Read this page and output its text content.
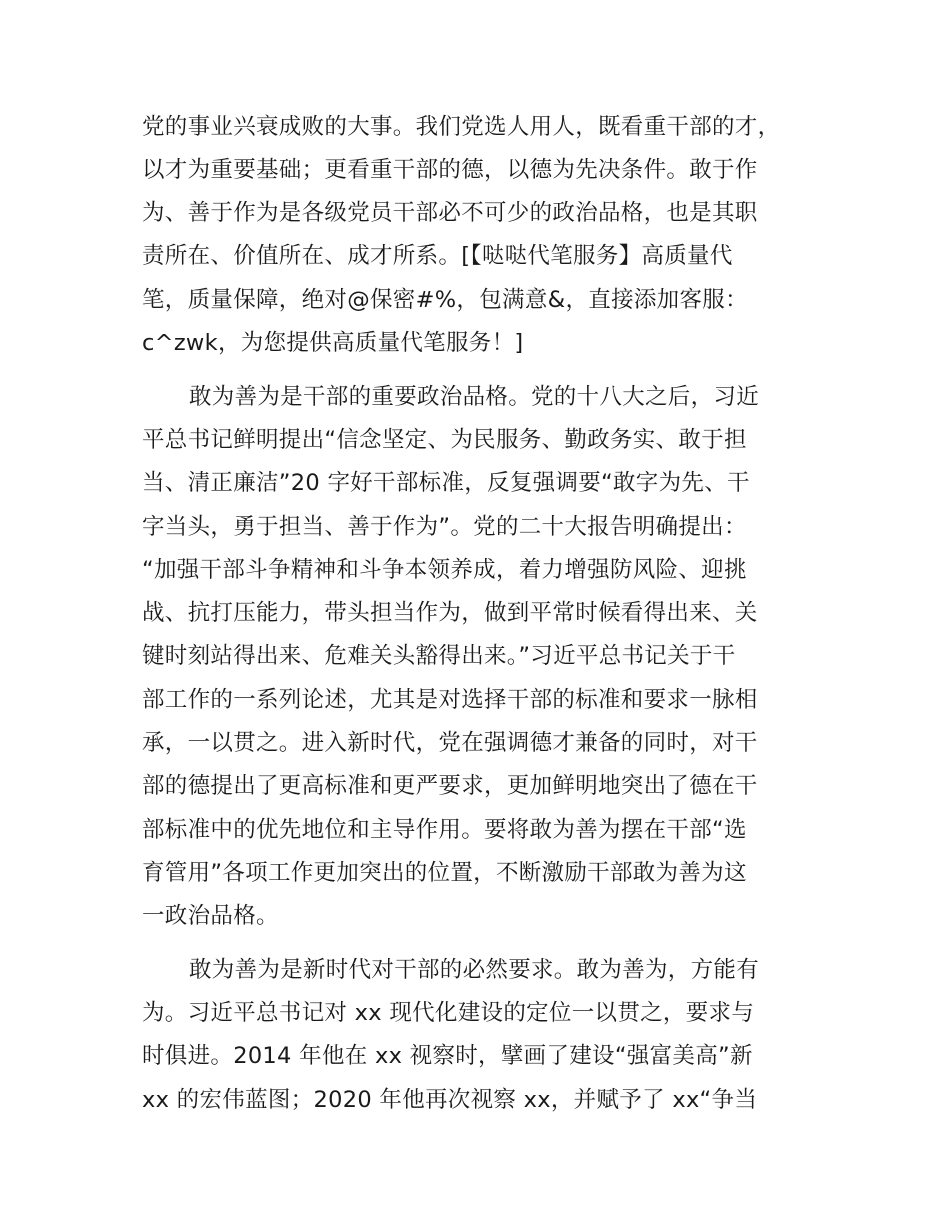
党的事业兴衰成败的大事。我们党选人用人，既看重干部的才，
以才为重要基础；更看重干部的德，以德为先决条件。敢于作
为、善于作为是各级党员干部必不可少的政治品格，也是其职
责所在、价值所在、成才所系。[【哒哒代笔服务】高质量代
笔，质量保障，绝对@保密#%，包满意&，直接添加客服：
c^zwk，为您提供高质量代笔服务！]
敢为善为是干部的重要政治品格。党的十八大之后，习近
平总书记鲜明提出“信念坚定、为民服务、勤政务实、敢于担
当、清正廉洁”20 字好干部标准，反复强调要“敢字为先、干
字当头，勇于担当、善于作为”。党的二十大报告明确提出：
“加强干部斗争精神和斗争本领养成，着力增强防风险、迎挑
战、抗打压能力，带头担当作为，做到平常时候看得出来、关
键时刻站得出来、危难关头豁得出来。”习近平总书记关于干
部工作的一系列论述，尤其是对选择干部的标准和要求一脉相
承，一以贯之。进入新时代，党在强调德才兼备的同时，对干
部的德提出了更高标准和更严要求，更加鲜明地突出了德在干
部标准中的优先地位和主导作用。要将敢为善为摆在干部“选
育管用”各项工作更加突出的位置，不断激励干部敢为善为这
一政治品格。
敢为善为是新时代对干部的必然要求。敢为善为，方能有
为。习近平总书记对 xx 现代化建设的定位一以贯之，要求与
时俱进。2014 年他在 xx 视察时，擘画了建设“强富美高”新
xx 的宏伟蓝图；2020 年他再次视察 xx，并赋予了 xx“争当
